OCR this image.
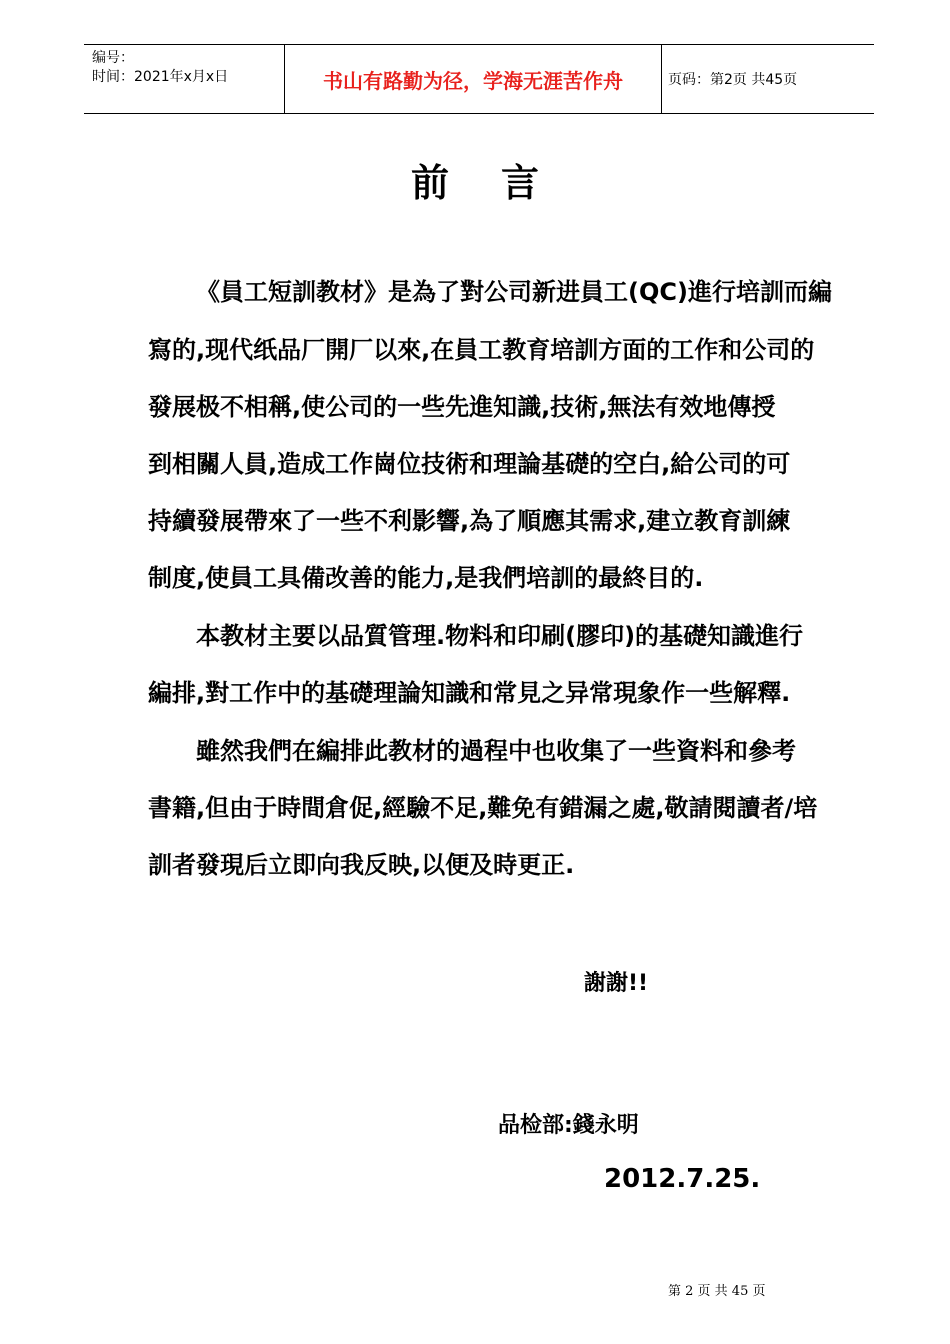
编号：
时间：2021年x月x日	书山有路勤为径，学海无涯苦作舟	页码：第2页 共45页
前言
《員工短訓教材》是為了對公司新进員工(QC)進行培訓而編
寫的,现代纸品厂開厂以來,在員工教育培訓方面的工作和公司的
發展极不相稱,使公司的一些先進知識,技術,無法有效地傳授
到相關人員,造成工作崗位技術和理論基礎的空白,給公司的可
持續發展帶來了一些不利影響,為了順應其需求,建立教育訓練
制度,使員工具備改善的能力,是我們培訓的最終目的.
本教材主要以品質管理.物料和印刷(膠印)的基礎知識進行
編排,對工作中的基礎理論知識和常見之异常現象作一些解釋.
雖然我們在編排此教材的過程中也收集了一些資料和參考
書籍,但由于時間倉促,經驗不足,難免有錯漏之處,敬請閱讀者/培
訓者發現后立即向我反映,以便及時更正.
謝謝!!
品检部:錢永明
2012.7.25.
第 2 页 共 45 页
